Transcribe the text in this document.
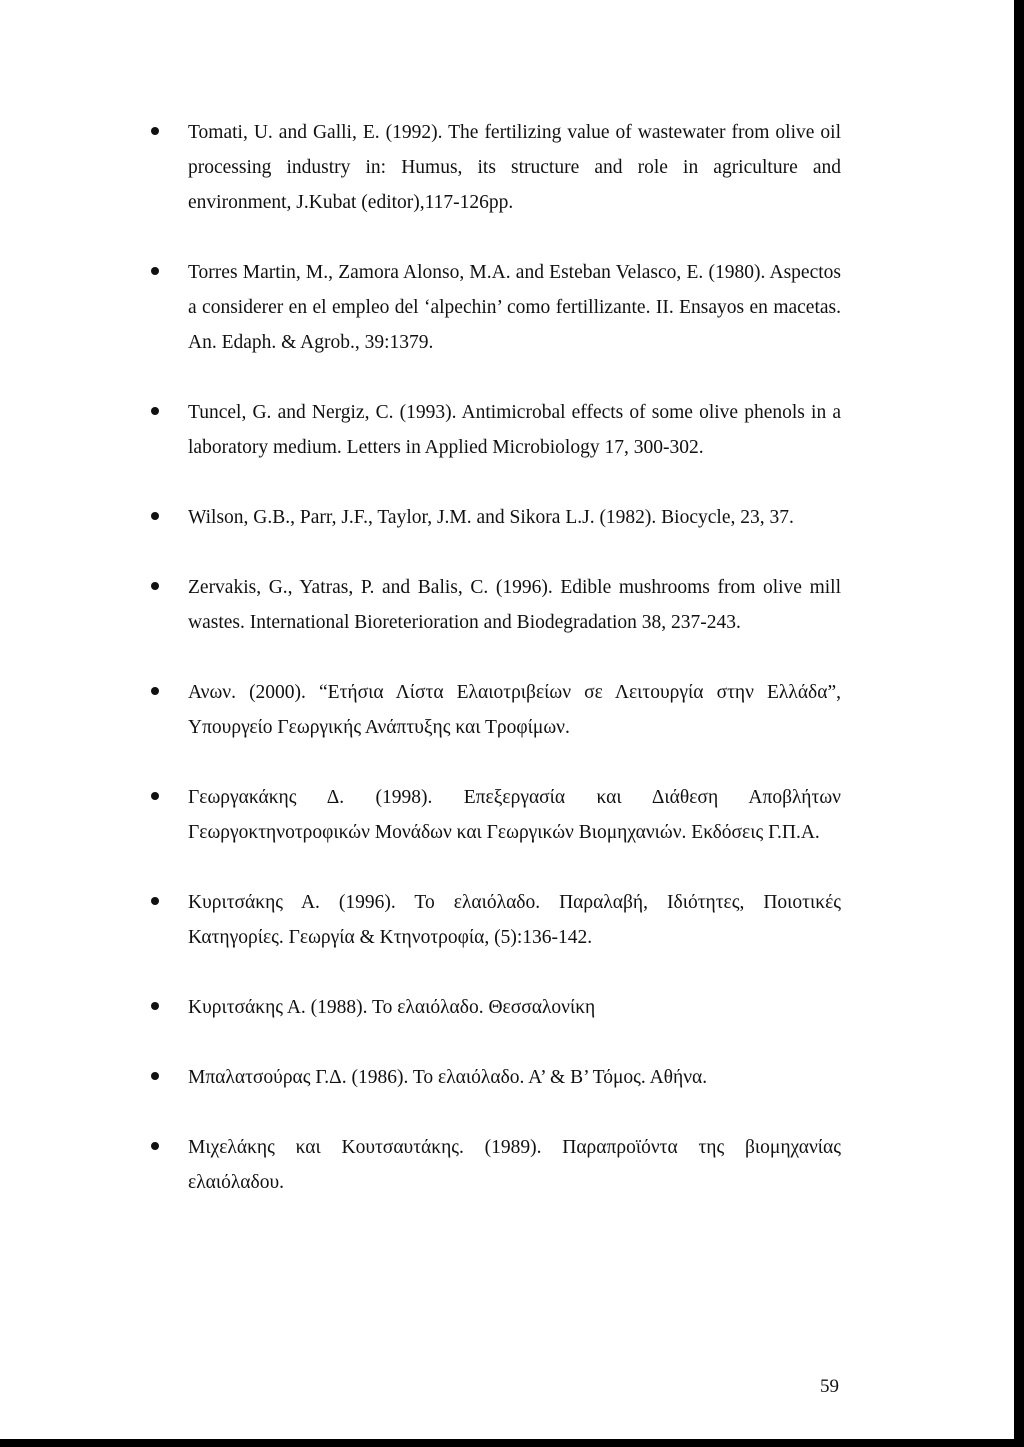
Tomati, U. and Galli, E. (1992). The fertilizing value of wastewater from olive oil processing industry in: Humus, its structure and role in agriculture and environment, J.Kubat (editor),117-126pp.
Torres Martin, M., Zamora Alonso, M.A. and Esteban Velasco, E. (1980). Aspectos a considerer en el empleo del ‘alpechin’ como fertillizante. II. Ensayos en macetas. An. Edaph. & Agrob., 39:1379.
Tuncel, G. and Nergiz, C. (1993). Antimicrobal effects of some olive phenols in a laboratory medium. Letters in Applied Microbiology 17, 300-302.
Wilson, G.B., Parr, J.F., Taylor, J.M. and Sikora L.J. (1982). Biocycle, 23, 37.
Zervakis, G., Yatras, P. and Balis, C. (1996). Edible mushrooms from olive mill wastes. International Bioreterioration and Biodegradation 38, 237-243.
Ανων. (2000). “Ετήσια Λίστα Ελαιοτριβείων σε Λειτουργία στην Ελλάδα”, Υπουργείο Γεωργικής Ανάπτυξης και Τροφίμων.
Γεωργακάκης Δ. (1998). Επεξεργασία και Διάθεση Αποβλήτων Γεωργοκτηνοτροφικών Μονάδων και Γεωργικών Βιομηχανιών. Εκδόσεις Γ.Π.Α.
Κυριτσάκης Α. (1996). Το ελαιόλαδο. Παραλαβή, Ιδιότητες, Ποιοτικές Κατηγορίες. Γεωργία & Κτηνοτροφία, (5):136-142.
Κυριτσάκης Α. (1988). Το ελαιόλαδο. Θεσσαλονίκη
Μπαλατσούρας Γ.Δ. (1986). Το ελαιόλαδο. Α’ & Β’ Τόμος. Αθήνα.
Μιχελάκης και Κουτσαυτάκης. (1989). Παραπροϊόντα της βιομηχανίας ελαιόλαδου.
59
